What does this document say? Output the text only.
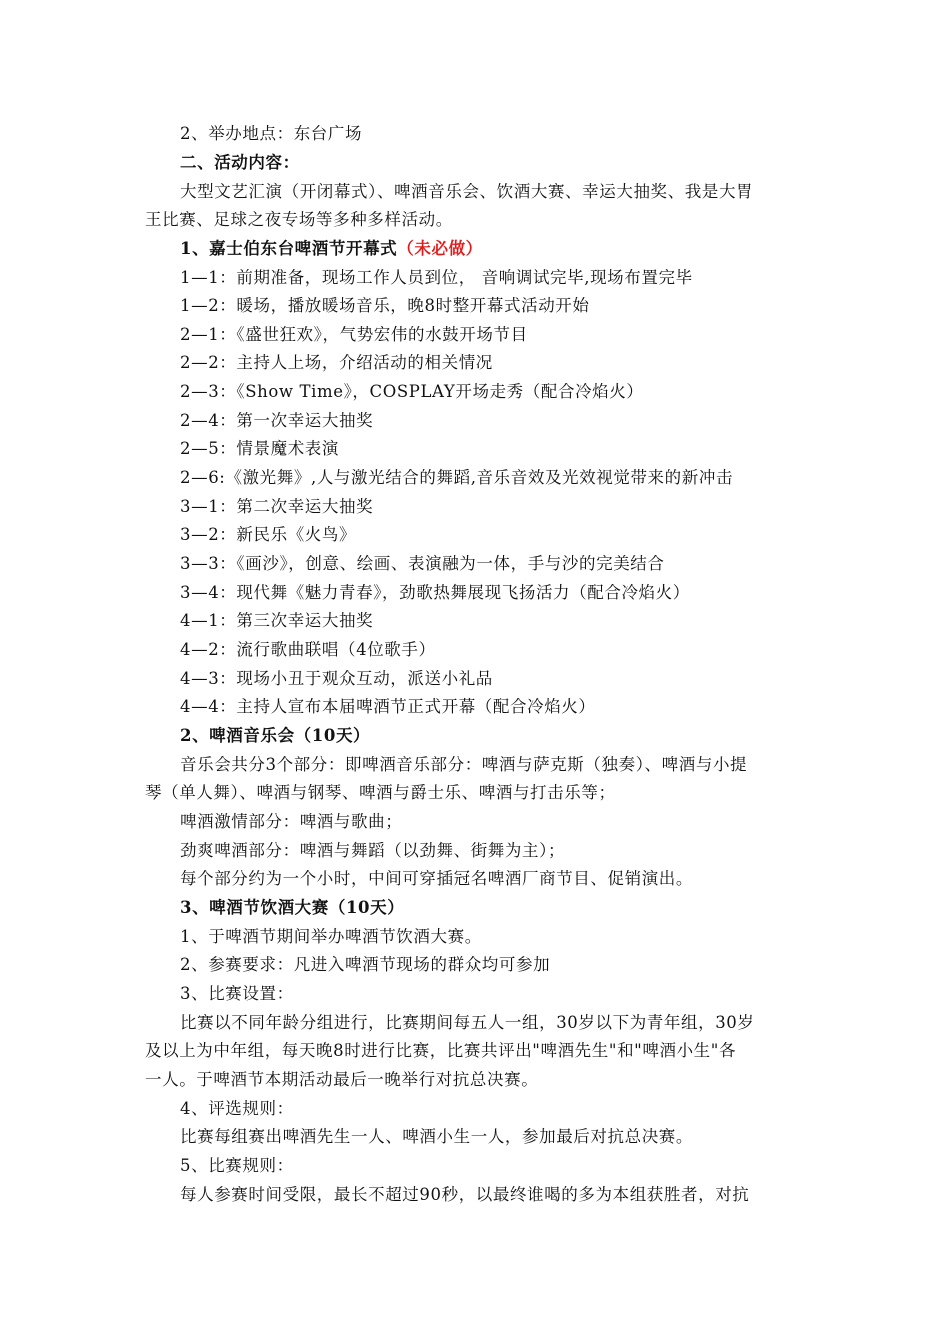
2、举办地点：东台广场
二、活动内容：
大型文艺汇演（开闭幕式）、啤酒音乐会、饮酒大赛、幸运大抽奖、我是大胃
王比赛、足球之夜专场等多种多样活动。
1、嘉士伯东台啤酒节开幕式（未必做）
1—1：前期准备，现场工作人员到位， 音响调试完毕,现场布置完毕
1—2：暖场，播放暖场音乐，晚8时整开幕式活动开始
2—1：《盛世狂欢》，气势宏伟的水鼓开场节目
2—2：主持人上场，介绍活动的相关情况
2—3：《Show Time》，COSPLAY开场走秀（配合冷焰火）
2—4：第一次幸运大抽奖
2—5：情景魔术表演
2—6:《激光舞》,人与激光结合的舞蹈,音乐音效及光效视觉带来的新冲击
3—1：第二次幸运大抽奖
3—2：新民乐《火鸟》
3—3：《画沙》，创意、绘画、表演融为一体，手与沙的完美结合
3—4：现代舞《魅力青春》，劲歌热舞展现飞扬活力（配合冷焰火）
4—1：第三次幸运大抽奖
4—2：流行歌曲联唱（4位歌手）
4—3：现场小丑于观众互动，派送小礼品
4—4：主持人宣布本届啤酒节正式开幕（配合冷焰火）
2、啤酒音乐会（10天）
音乐会共分3个部分：即啤酒音乐部分：啤酒与萨克斯（独奏）、啤酒与小提
琴（单人舞）、啤酒与钢琴、啤酒与爵士乐、啤酒与打击乐等；
啤酒激情部分：啤酒与歌曲；
劲爽啤酒部分：啤酒与舞蹈（以劲舞、街舞为主）；
每个部分约为一个小时，中间可穿插冠名啤酒厂商节目、促销演出。
3、啤酒节饮酒大赛（10天）
1、于啤酒节期间举办啤酒节饮酒大赛。
2、参赛要求：凡进入啤酒节现场的群众均可参加
3、比赛设置：
比赛以不同年龄分组进行，比赛期间每五人一组，30岁以下为青年组，30岁
及以上为中年组，每天晚8时进行比赛，比赛共评出"啤酒先生"和"啤酒小生"各
一人。于啤酒节本期活动最后一晚举行对抗总决赛。
4、评选规则：
比赛每组赛出啤酒先生一人、啤酒小生一人，参加最后对抗总决赛。
5、比赛规则：
每人参赛时间受限，最长不超过90秒，以最终谁喝的多为本组获胜者，对抗
